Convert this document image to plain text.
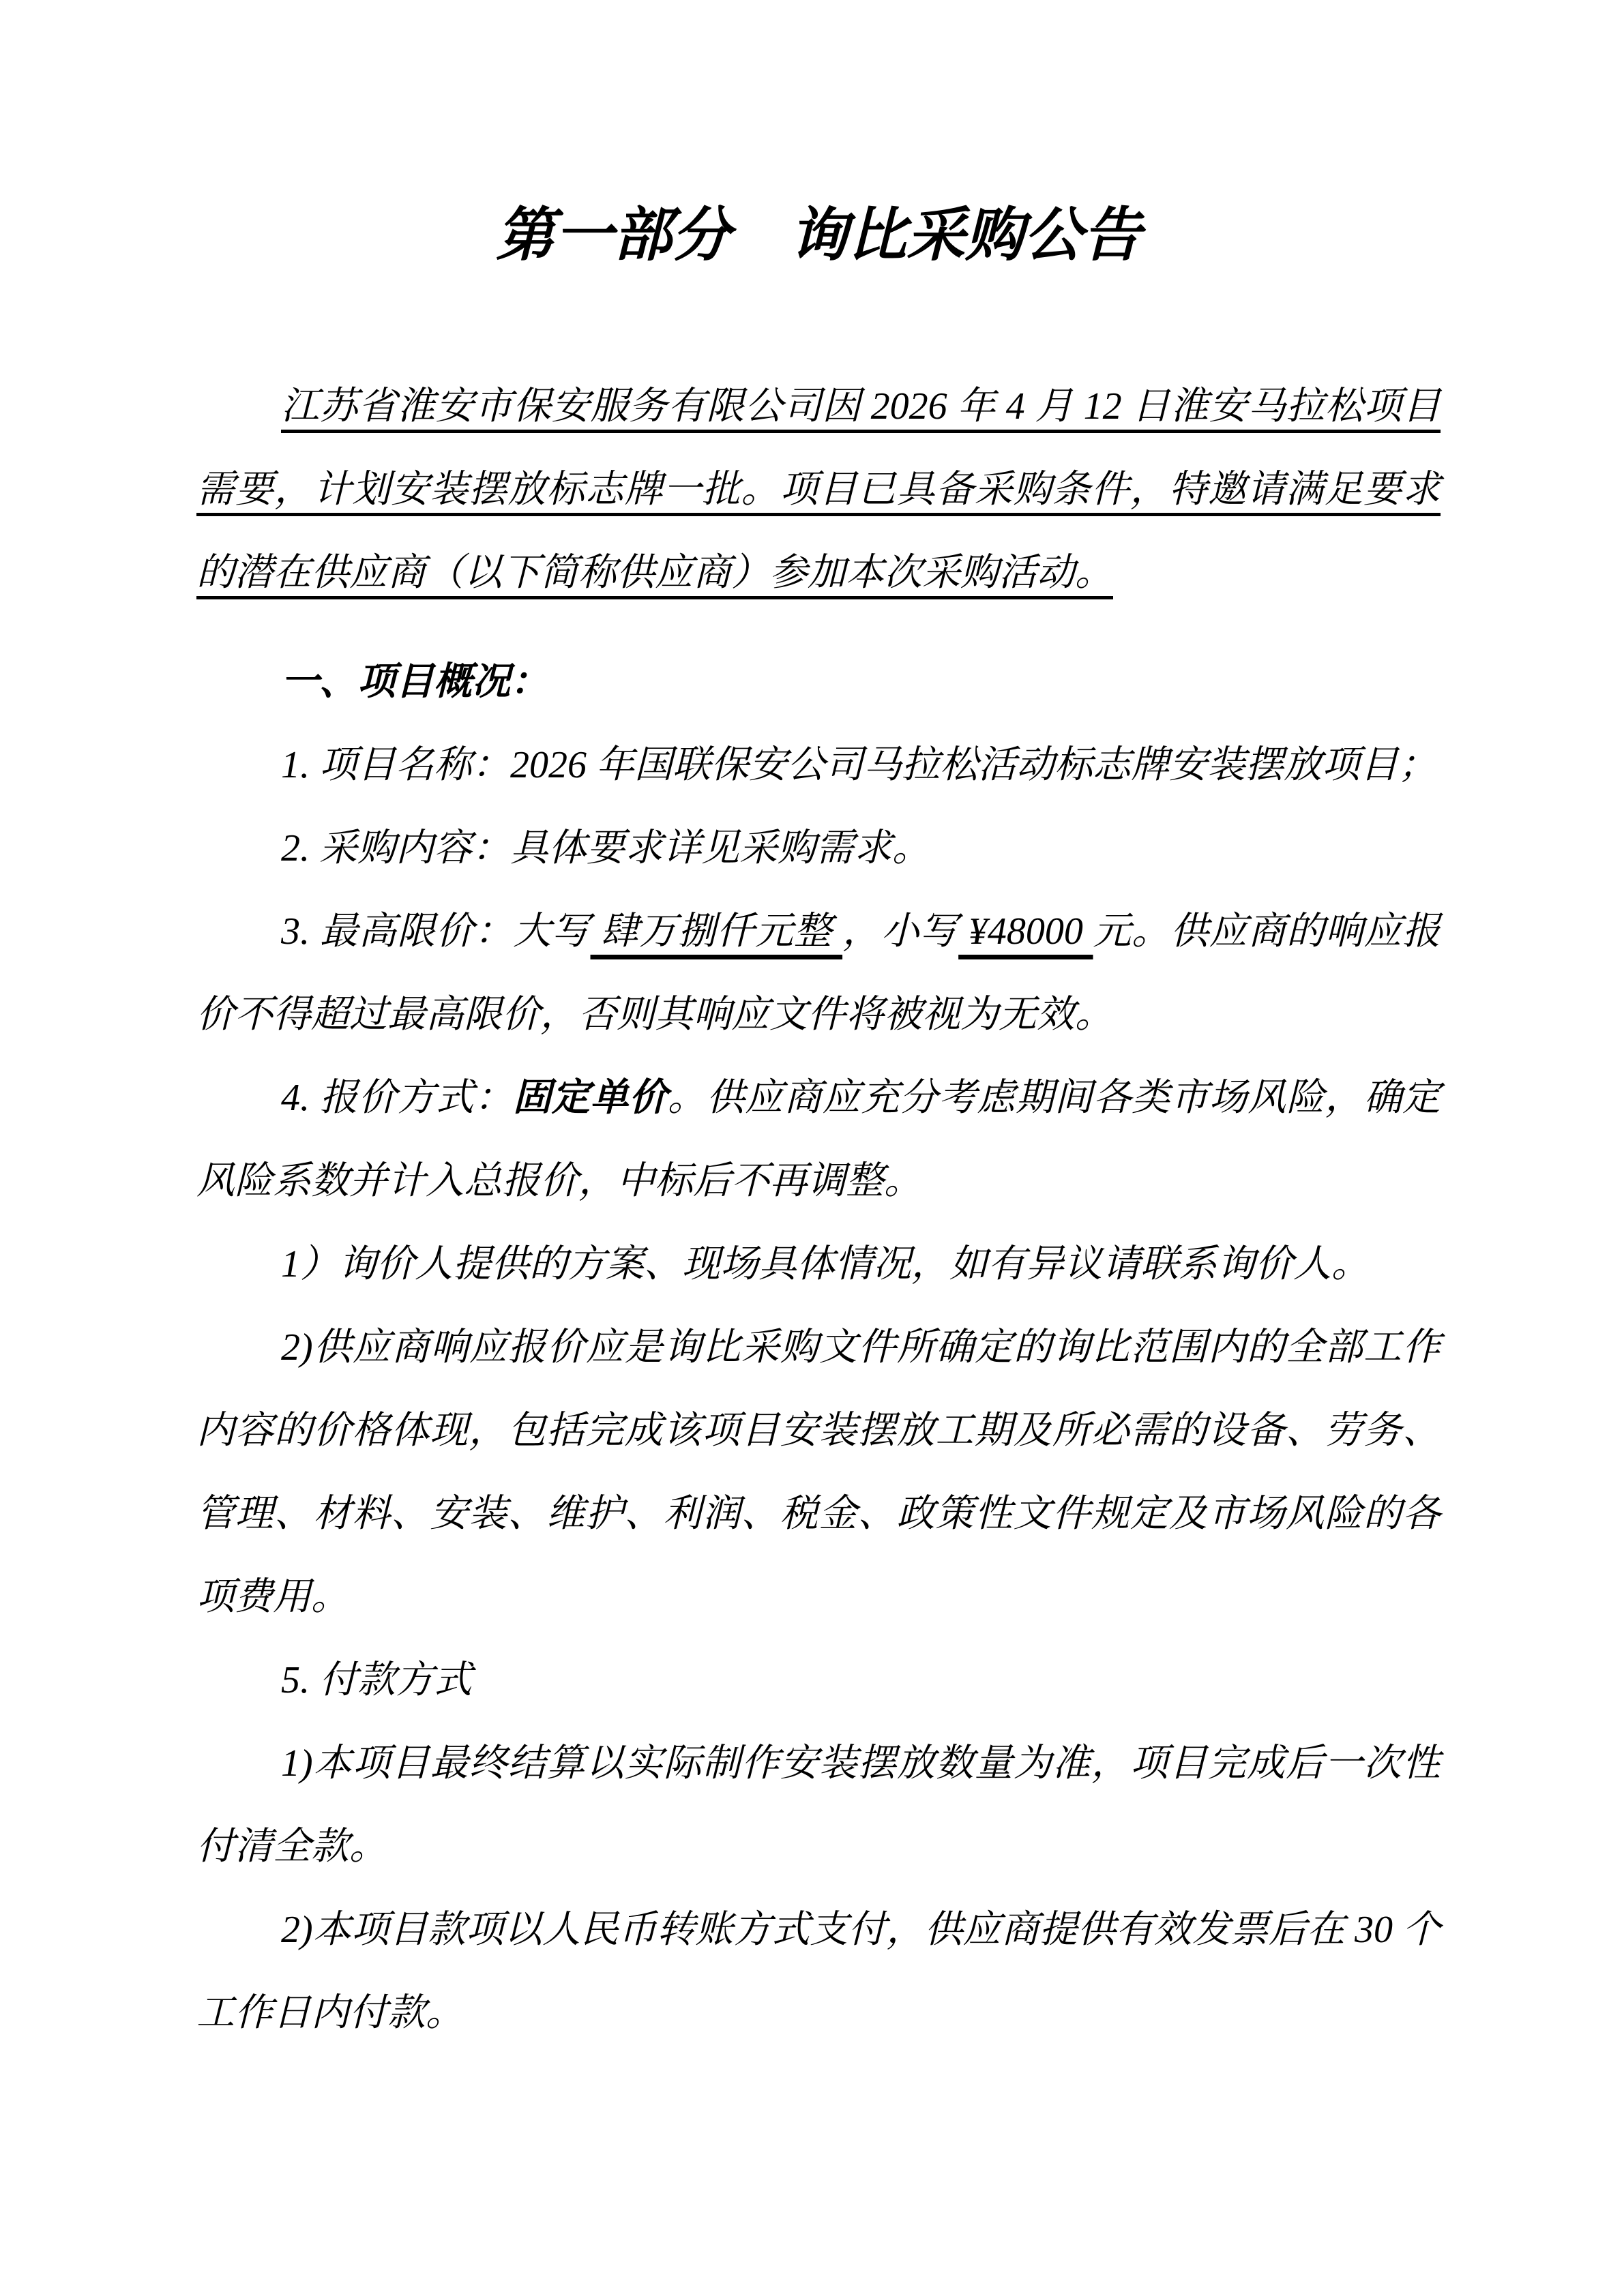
第一部分　询比采购公告

江苏省淮安市保安服务有限公司因 2026 年 4 月 12 日淮安马拉松项目需要，计划安装摆放标志牌一批。项目已具备采购条件，特邀请满足要求的潜在供应商（以下简称供应商）参加本次采购活动。

一、项目概况：

1. 项目名称：2026 年国联保安公司马拉松活动标志牌安装摆放项目；

2. 采购内容：具体要求详见采购需求。

3. 最高限价：大写 肆万捌仟元整 ，小写 ¥48000 元。供应商的响应报价不得超过最高限价，否则其响应文件将被视为无效。

4. 报价方式：固定单价。供应商应充分考虑期间各类市场风险，确定风险系数并计入总报价，中标后不再调整。

1）询价人提供的方案、现场具体情况，如有异议请联系询价人。

2)供应商响应报价应是询比采购文件所确定的询比范围内的全部工作内容的价格体现，包括完成该项目安装摆放工期及所必需的设备、劳务、管理、材料、安装、维护、利润、税金、政策性文件规定及市场风险的各项费用。

5. 付款方式

1)本项目最终结算以实际制作安装摆放数量为准，项目完成后一次性付清全款。

2)本项目款项以人民币转账方式支付，供应商提供有效发票后在 30 个工作日内付款。
